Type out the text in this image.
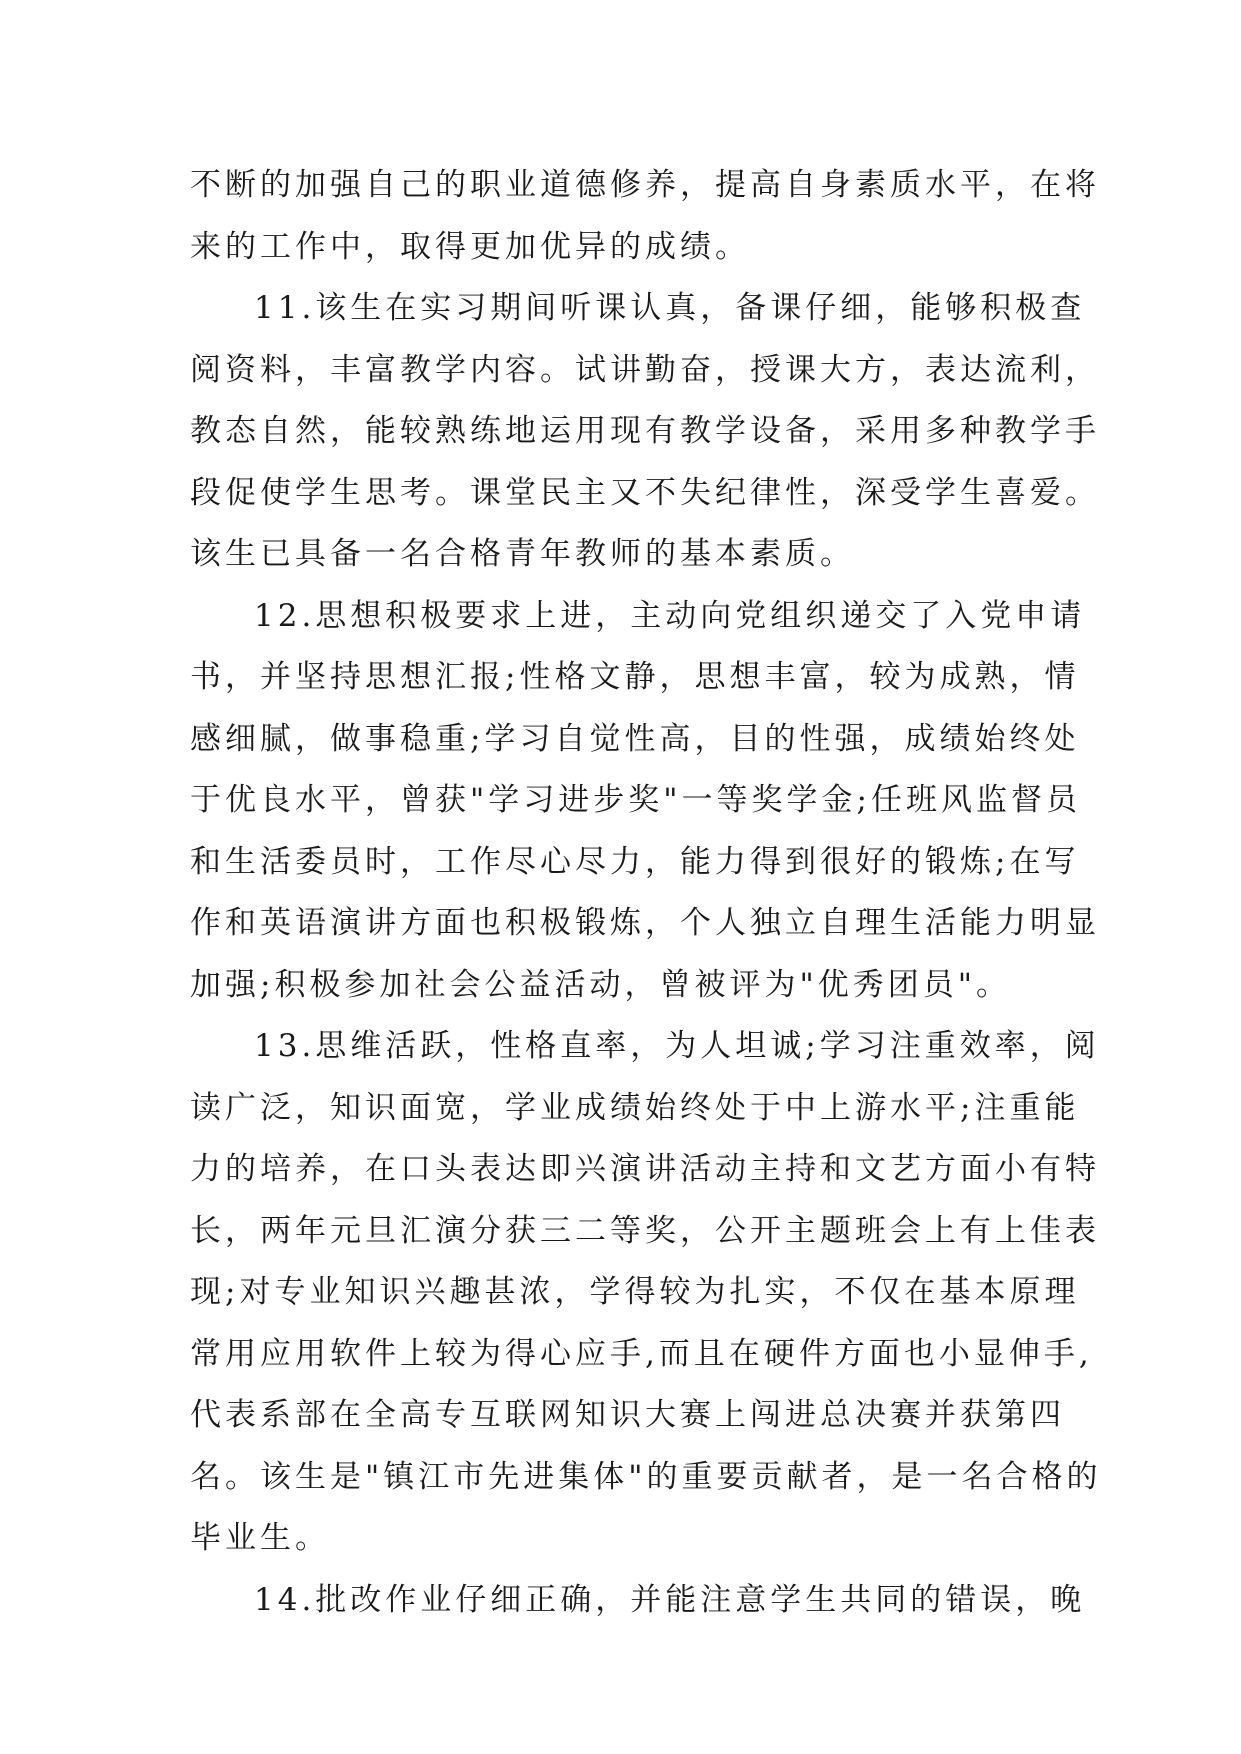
不断的加强自己的职业道德修养，提高自身素质水平，在将
来的工作中，取得更加优异的成绩。
11.该生在实习期间听课认真，备课仔细，能够积极查
阅资料，丰富教学内容。试讲勤奋，授课大方，表达流利，
教态自然，能较熟练地运用现有教学设备，采用多种教学手
段促使学生思考。课堂民主又不失纪律性，深受学生喜爱。
该生已具备一名合格青年教师的基本素质。
12.思想积极要求上进，主动向党组织递交了入党申请
书，并坚持思想汇报;性格文静，思想丰富，较为成熟，情
感细腻，做事稳重;学习自觉性高，目的性强，成绩始终处
于优良水平，曾获"学习进步奖"一等奖学金;任班风监督员
和生活委员时，工作尽心尽力，能力得到很好的锻炼;在写
作和英语演讲方面也积极锻炼，个人独立自理生活能力明显
加强;积极参加社会公益活动，曾被评为"优秀团员"。
13.思维活跃，性格直率，为人坦诚;学习注重效率，阅
读广泛，知识面宽，学业成绩始终处于中上游水平;注重能
力的培养，在口头表达即兴演讲活动主持和文艺方面小有特
长，两年元旦汇演分获三二等奖，公开主题班会上有上佳表
现;对专业知识兴趣甚浓，学得较为扎实，不仅在基本原理
常用应用软件上较为得心应手,而且在硬件方面也小显伸手,
代表系部在全高专互联网知识大赛上闯进总决赛并获第四
名。该生是"镇江市先进集体"的重要贡献者，是一名合格的
毕业生。
14.批改作业仔细正确，并能注意学生共同的错误，晚
